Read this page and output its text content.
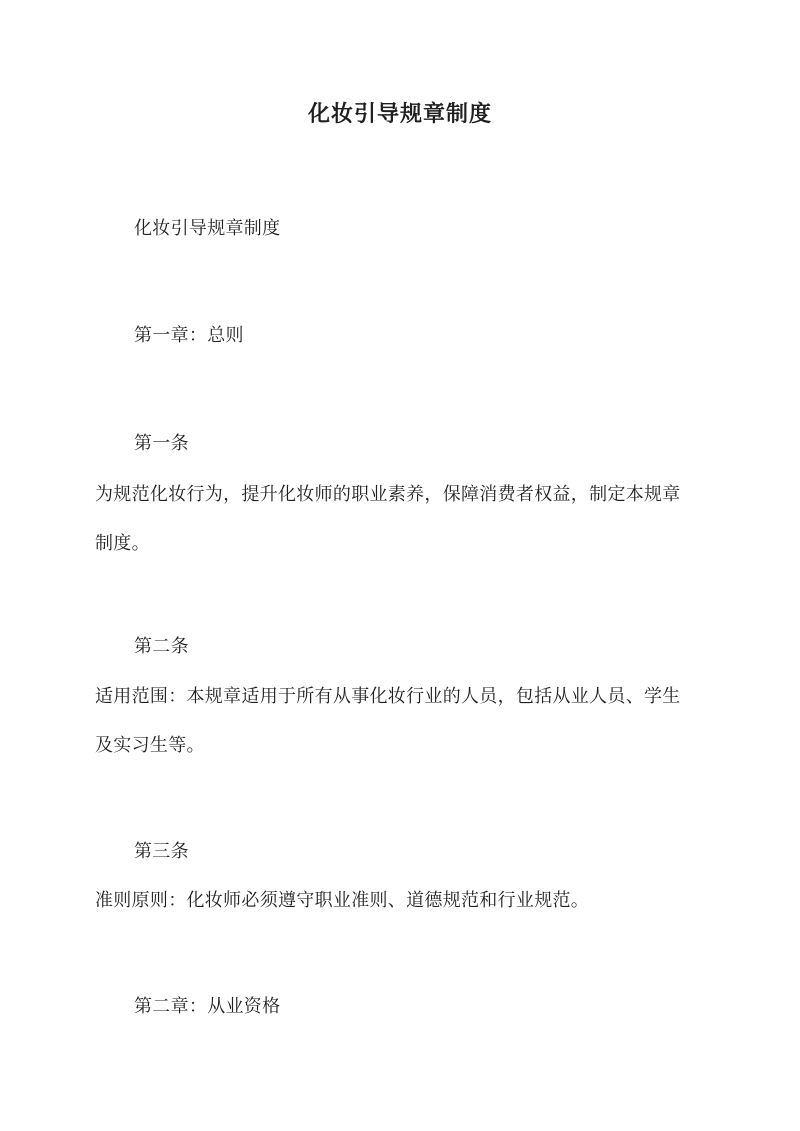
化妆引导规章制度
化妆引导规章制度
第一章：总则
第一条
为规范化妆行为，提升化妆师的职业素养，保障消费者权益，制定本规章
制度。
第二条
适用范围：本规章适用于所有从事化妆行业的人员，包括从业人员、学生
及实习生等。
第三条
准则原则：化妆师必须遵守职业准则、道德规范和行业规范。
第二章：从业资格
